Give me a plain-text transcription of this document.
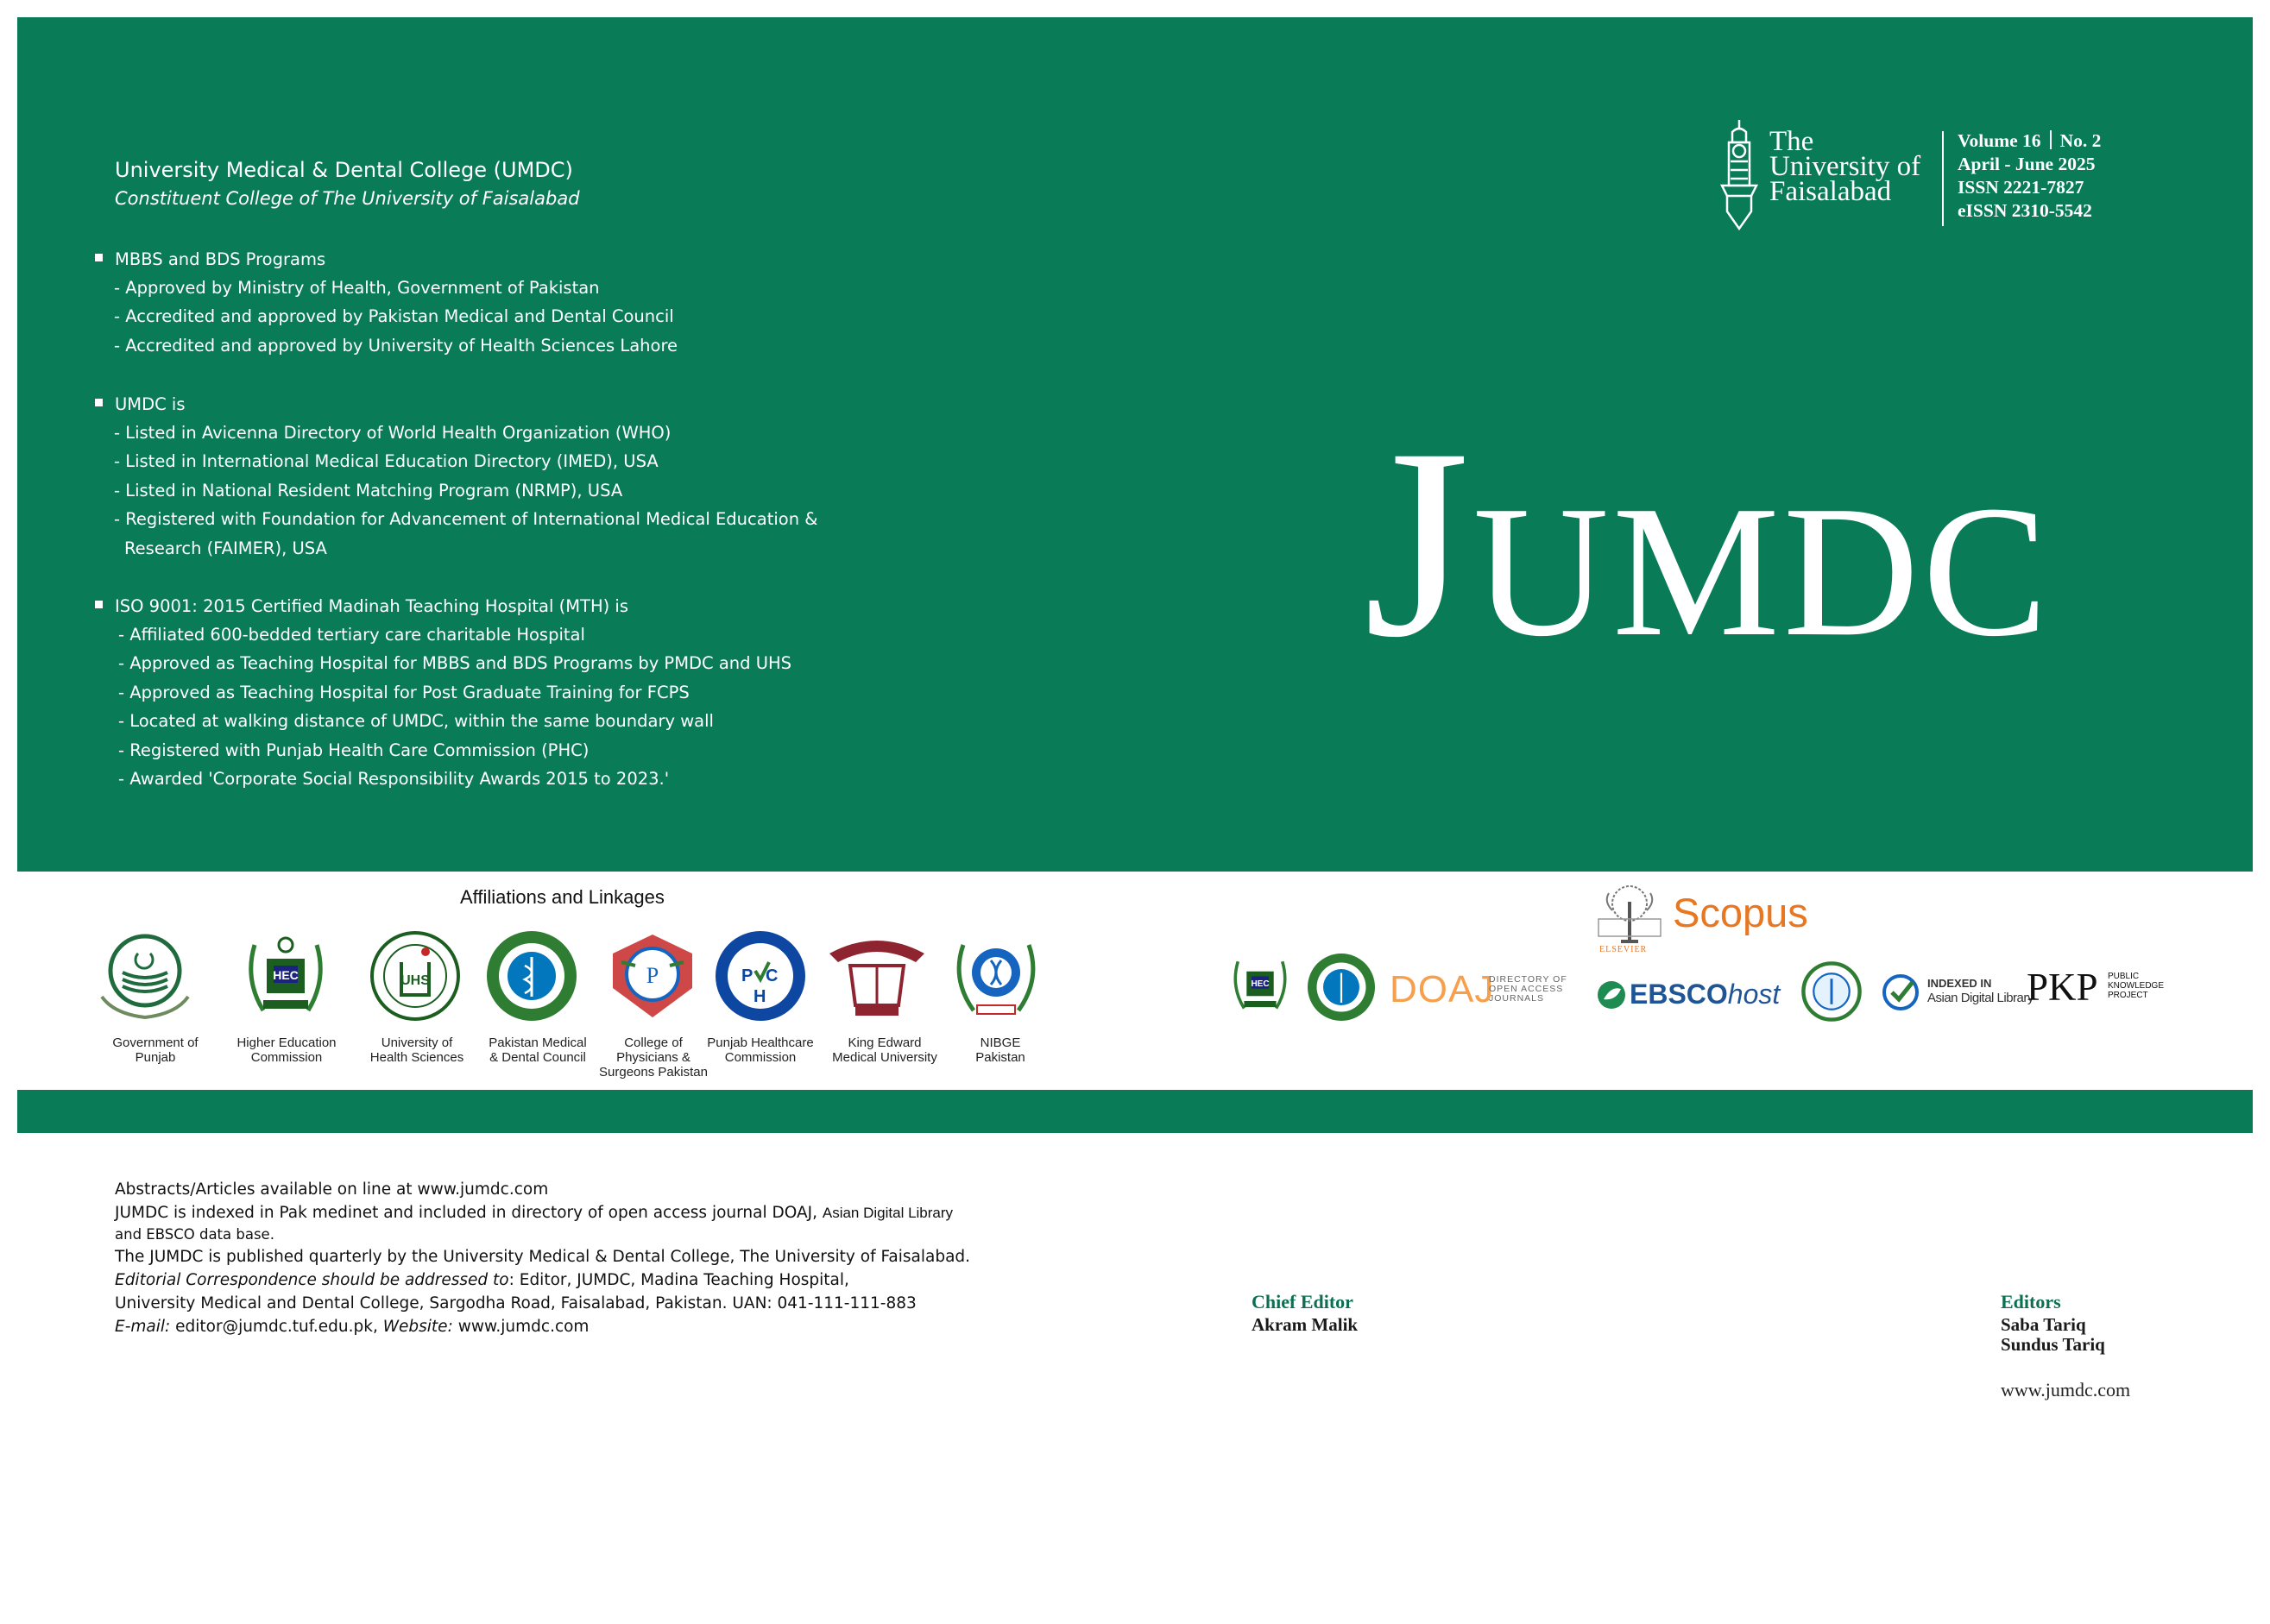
University Medical & Dental College (UMDC)
Constituent College of The University of Faisalabad
MBBS and BDS Programs
- Approved by Ministry of Health, Government of Pakistan
- Accredited and approved by Pakistan Medical and Dental Council
- Accredited and approved by University of Health Sciences Lahore
UMDC is
- Listed in Avicenna Directory of World Health Organization (WHO)
- Listed in International Medical Education Directory (IMED), USA
- Listed in National Resident Matching Program (NRMP), USA
- Registered with Foundation for Advancement of International Medical Education &
Research (FAIMER), USA
ISO 9001: 2015 Certified Madinah Teaching Hospital (MTH) is
- Affiliated 600-bedded tertiary care charitable Hospital
- Approved as Teaching Hospital for MBBS and BDS Programs by PMDC and UHS
- Approved as Teaching Hospital for Post Graduate Training for FCPS
- Located at walking distance of UMDC, within the same boundary wall
- Registered with Punjab Health Care Commission (PHC)
- Awarded 'Corporate Social Responsibility Awards 2015 to 2023.'
The
University of
Faisalabad
Volume 16 No. 2
April - June 2025
ISSN 2221-7827
eISSN 2310-5542
JUMDC
Affiliations and Linkages
HEC	UHS	P	P C
H
Government of
Punjab
Higher Education
Commission
University of
Health Sciences
Pakistan Medical
& Dental Council
College of
Physicians &
Surgeons Pakistan
Punjab Healthcare
Commission
King Edward
Medical University
NIBGE
Pakistan
ELSEVIER
Scopus
HEC	DOAJ
DIRECTORY OF
OPEN ACCESS
JOURNALS	EBSCOhost	INDEXED IN
Asian Digital Library
PKP PUBLIC
KNOWLEDGE
PROJECT
Abstracts/Articles available on line at www.jumdc.com
JUMDC is indexed in Pak medinet and included in directory of open access journal DOAJ, Asian Digital Library
and EBSCO data base.
The JUMDC is published quarterly by the University Medical & Dental College, The University of Faisalabad.
Editorial Correspondence should be addressed to: Editor, JUMDC, Madina Teaching Hospital,
University Medical and Dental College, Sargodha Road, Faisalabad, Pakistan. UAN: 041-111-111-883
E-mail: editor@jumdc.tuf.edu.pk, Website: www.jumdc.com
Chief Editor
Akram Malik
Editors
Saba Tariq
Sundus Tariq
www.jumdc.com
